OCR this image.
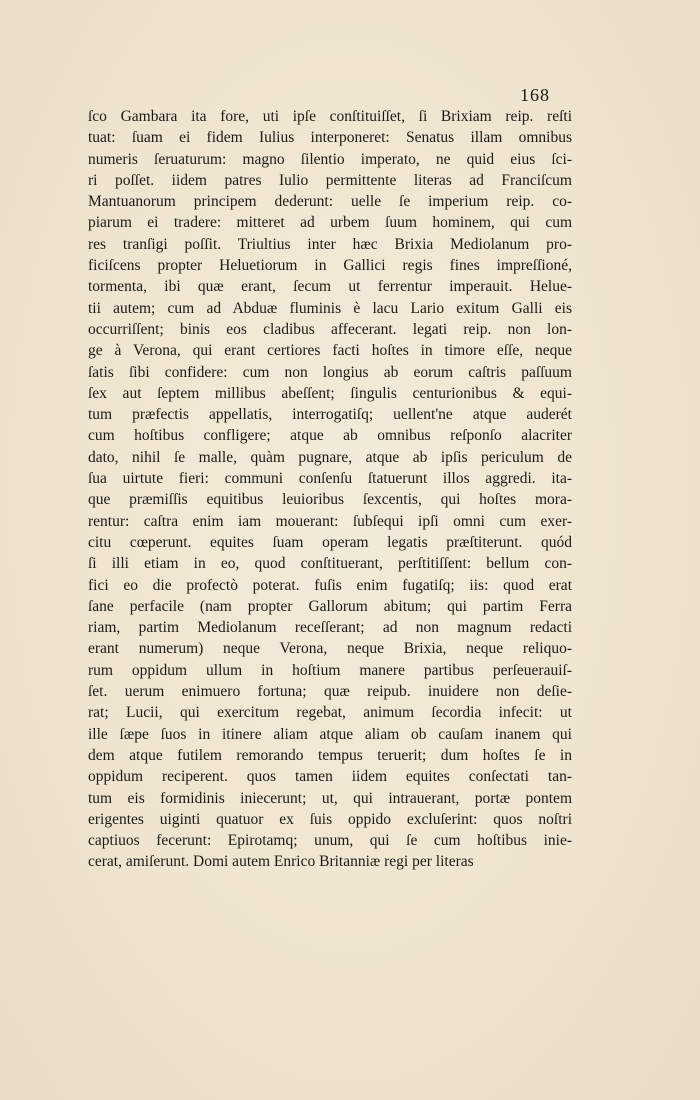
168
ſco Gambara ita fore, uti ipſe conſtituiſſet, ſi Brixiam reip. reſti
tuat: ſuam ei fidem Iulius interponeret: Senatus illam omnibus
numeris ſeruaturum: magno ſilentio imperato, ne quid eius ſci-
ri poſſet. iidem patres Iulio permittente literas ad Franciſcum
Mantuanorum principem dederunt: uelle ſe imperium reip. co-
piarum ei tradere: mitteret ad urbem ſuum hominem, qui cum
res tranſigi poſſit. Triultius inter hæc Brixia Mediolanum pro-
ficiſcens propter Heluetiorum in Gallici regis fines impreſſioné,
tormenta, ibi quæ erant, ſecum ut ferrentur imperauit. Helue-
tii autem; cum ad Abduæ fluminis è lacu Lario exitum Galli eis
occurriſſent; binis eos cladibus affecerant. legati reip. non lon-
ge à Verona, qui erant certiores facti hoſtes in timore eſſe, neque
ſatis ſibi confidere: cum non longius ab eorum caſtris paſſuum
ſex aut ſeptem millibus abeſſent; ſingulis centurionibus & equi-
tum præfectis appellatis, interrogatiſq; uellent'ne atque auderét
cum hoſtibus confligere; atque ab omnibus reſponſo alacriter
dato, nihil ſe malle, quàm pugnare, atque ab ipſis periculum de
ſua uirtute fieri: communi conſenſu ſtatuerunt illos aggredi. ita-
que præmiſſis equitibus leuioribus ſexcentis, qui hoſtes mora-
rentur: caſtra enim iam mouerant: ſubſequi ipſi omni cum exer-
citu cœperunt. equites ſuam operam legatis præſtiterunt. quód
ſi illi etiam in eo, quod conſtituerant, perſtitiſſent: bellum con-
fici eo die profectò poterat. fuſis enim fugatiſq; iis: quod erat
ſane perfacile (nam propter Gallorum abitum; qui partim Ferra
riam, partim Mediolanum receſſerant; ad non magnum redacti
erant numerum) neque Verona, neque Brixia, neque reliquo-
rum oppidum ullum in hoſtium manere partibus perſeuerauiſ-
ſet. uerum enimuero fortuna; quæ reipub. inuidere non deſie-
rat; Lucii, qui exercitum regebat, animum ſecordia infecit: ut
ille ſæpe ſuos in itinere aliam atque aliam ob cauſam inanem qui
dem atque futilem remorando tempus teruerit; dum hoſtes ſe in
oppidum reciperent. quos tamen iidem equites conſectati tan-
tum eis formidinis iniecerunt; ut, qui intrauerant, portæ pontem
erigentes uiginti quatuor ex ſuis oppido excluſerint: quos noſtri
captiuos fecerunt: Epirotamq; unum, qui ſe cum hoſtibus inie-
cerat, amiſerunt. Domi autem Enrico Britanniæ regi per literas
